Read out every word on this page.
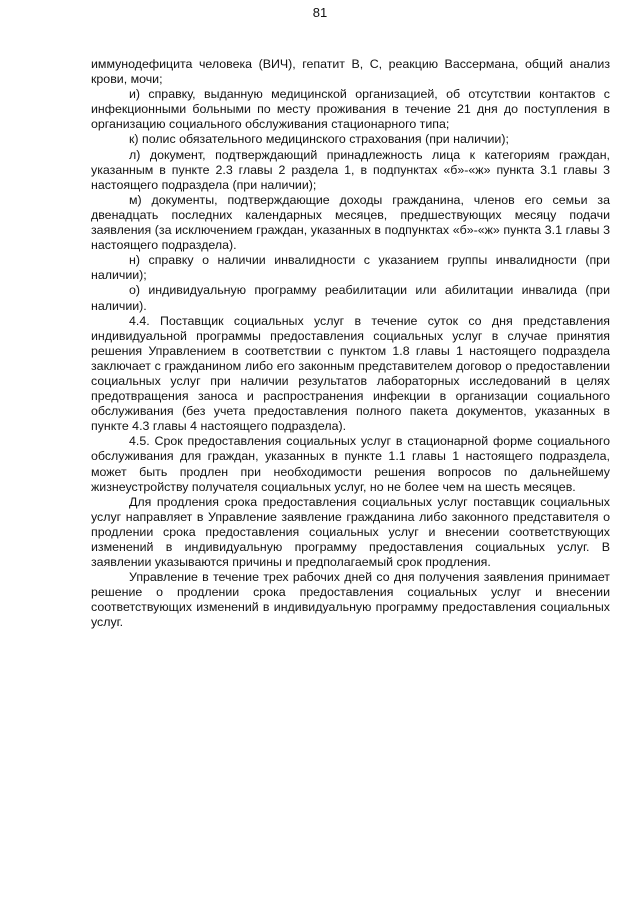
81

иммунодефицита человека (ВИЧ), гепатит В, С, реакцию Вассермана, общий анализ крови, мочи;

и) справку, выданную медицинской организацией, об отсутствии контактов с инфекционными больными по месту проживания в течение 21 дня до поступления в организацию социального обслуживания стационарного типа;

к) полис обязательного медицинского страхования (при наличии);

л) документ, подтверждающий принадлежность лица к категориям граждан, указанным в пункте 2.3 главы 2 раздела 1, в подпунктах «б»-«ж» пункта 3.1 главы 3 настоящего подраздела (при наличии);

м) документы, подтверждающие доходы гражданина, членов его семьи за двенадцать последних календарных месяцев, предшествующих месяцу подачи заявления (за исключением граждан, указанных в подпунктах «б»-«ж» пункта 3.1 главы 3 настоящего подраздела).

н) справку о наличии инвалидности с указанием группы инвалидности (при наличии);

о) индивидуальную программу реабилитации или абилитации инвалида (при наличии).

4.4. Поставщик социальных услуг в течение суток со дня представления индивидуальной программы предоставления социальных услуг в случае принятия решения Управлением в соответствии с пунктом 1.8 главы 1 настоящего подраздела заключает с гражданином либо его законным представителем договор о предоставлении социальных услуг при наличии результатов лабораторных исследований в целях предотвращения заноса и распространения инфекции в организации социального обслуживания (без учета предоставления полного пакета документов, указанных в пункте 4.3 главы 4 настоящего подраздела).

4.5. Срок предоставления социальных услуг в стационарной форме социального обслуживания для граждан, указанных в пункте 1.1 главы 1 настоящего подраздела, может быть продлен при необходимости решения вопросов по дальнейшему жизнеустройству получателя социальных услуг, но не более чем на шесть месяцев.

Для продления срока предоставления социальных услуг поставщик социальных услуг направляет в Управление заявление гражданина либо законного представителя о продлении срока предоставления социальных услуг и внесении соответствующих изменений в индивидуальную программу предоставления социальных услуг. В заявлении указываются причины и предполагаемый срок продления.

Управление в течение трех рабочих дней со дня получения заявления принимает решение о продлении срока предоставления социальных услуг и внесении соответствующих изменений в индивидуальную программу предоставления социальных услуг.
